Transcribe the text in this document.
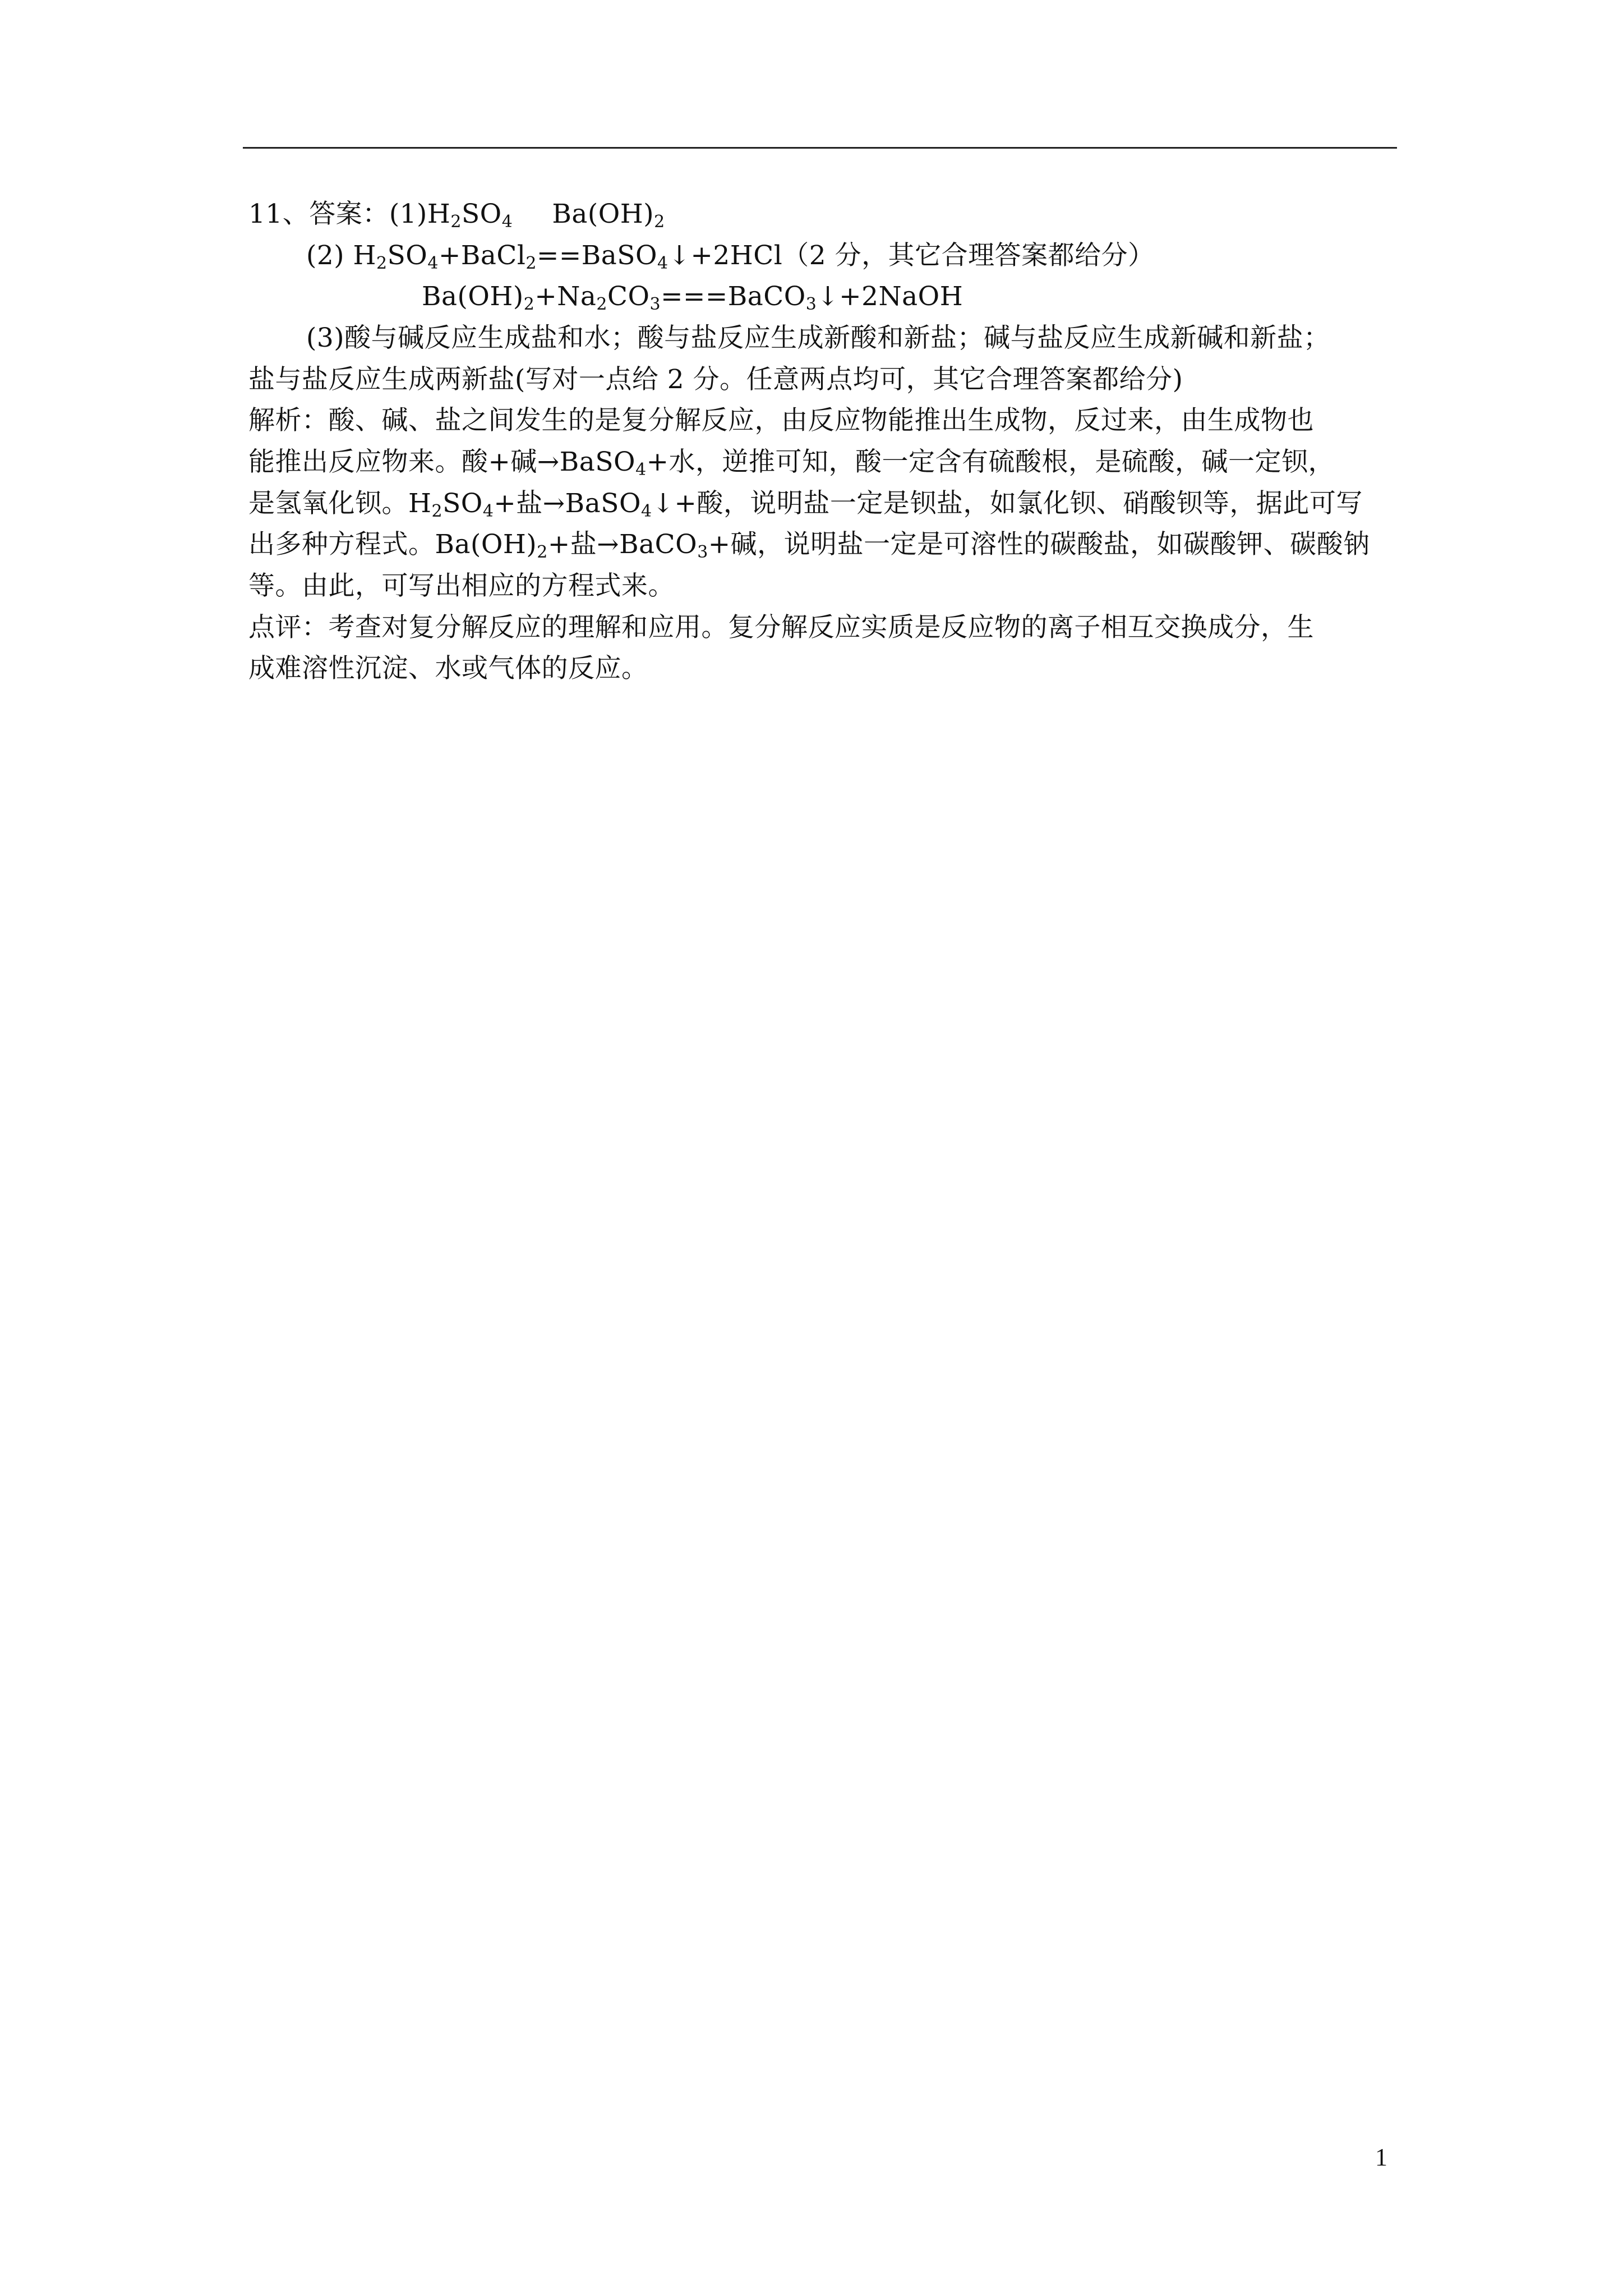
11、答案：$(1)H_2SO_4$ $Ba(OH)_2$
(2) $H_2SO_4+BaCl_2==BaSO_4↓+2HCl(2$ 分，其它合理答案都给分）
$Ba(OH)_2+Na_2CO_3===BaCO_3↓+2NaOH$
(3)酸与碱反应生成盐和水；酸与盐反应生成新酸和新盐；碱与盐反应生成新碱和新盐；
盐与盐反应生成两新盐(写对一点给 2 分。任意两点均可，其它合理答案都给分)
解析：酸、碱、盐之间发生的是复分解反应，由反应物能推出生成物，反过来，由生成物也
能推出反应物来。酸+碱→BaSO$_4$+水，逆推可知，酸一定含有硫酸根，是硫酸，碱一定钡，
是氢氧化钡。$H_2SO_4+$盐→BaSO$_4$↓+酸，说明盐一定是钡盐，如氯化钡、硝酸钡等，据此可写
出多种方程式。$Ba(OH)_2+$盐→BaCO$_3$+碱，说明盐一定是可溶性的碳酸盐，如碳酸钾、碳酸钠
等。由此，可写出相应的方程式来。
点评：考查对复分解反应的理解和应用。复分解反应实质是反应物的离子相互交换成分，生
成难溶性沉淀、水或气体的反应。
1
